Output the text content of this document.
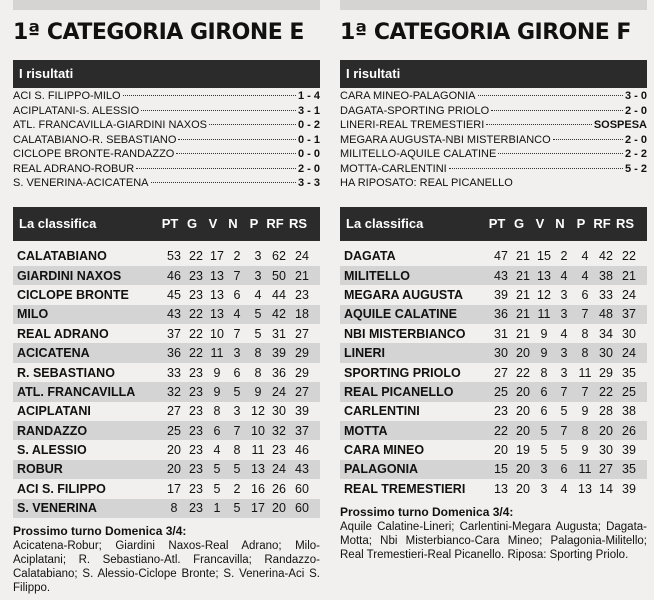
1ª CATEGORIA GIRONE E
I risultati
ACI S. FILIPPO-MILO	1 - 4
ACIPLATANI-S. ALESSIO	3 - 1
ATL. FRANCAVILLA-GIARDINI NAXOS	0 - 2
CALATABIANO-R. SEBASTIANO	0 - 1
CICLOPE BRONTE-RANDAZZO	0 - 0
REAL ADRANO-ROBUR	2 - 0
S. VENERINA-ACICATENA	3 - 3
La classifica	PT G V N P RF RS
CALATABIANO	53 22 17 2	3 62 24
GIARDINI NAXOS	46 23 13 7	3 50 21
CICLOPE BRONTE	45 23 13 6	4 44 23
MILO	43 22 13 4	5 42 18
REAL ADRANO	37 22 10 7	5 31 27
ACICATENA	36 22 11 3	8 39 29
R. SEBASTIANO	33 23 9	6	8 36 29
ATL. FRANCAVILLA	32 23 9	5	9 24 27
ACIPLATANI	27 23 8	3 12 30 39
RANDAZZO	25 23 6	7 10 32 37
S. ALESSIO	20 23 4	8 11 23 46
ROBUR	20 23 5	5 13 24 43
ACI S. FILIPPO	17 23 5	2 16 26 60
S. VENERINA	8 23 1	5 17 20 60
Prossimo turno Domenica 3/4:
Acicatena-Robur; Giardini Naxos-Real Adrano; Milo-Aciplatani; R. Sebastiano-Atl. Francavilla; Randazzo-Calatabiano; S. Alessio-Ciclope Bronte; S. Venerina-Aci S. Filippo.
1ª CATEGORIA GIRONE F
I risultati
CARA MINEO-PALAGONIA	3 - 0
DAGATA-SPORTING PRIOLO	2 - 0
LINERI-REAL TREMESTIERI	SOSPESA
MEGARA AUGUSTA-NBI MISTERBIANCO	2 - 0
MILITELLO-AQUILE CALATINE	2 - 2
MOTTA-CARLENTINI	5 - 2
HA RIPOSATO: REAL PICANELLO
La classifica	PT G V N P RF RS
DAGATA	47 21 15 2	4 42 22
MILITELLO	43 21 13 4	4 38 21
MEGARA AUGUSTA	39 21 12 3	6 33 24
AQUILE CALATINE	36 21 11 3	7 48 37
NBI MISTERBIANCO	31 21 9	4	8 34 30
LINERI	30 20 9	3	8 30 24
SPORTING PRIOLO	27 22 8	3 11 29 35
REAL PICANELLO	25 20 6	7	7 22 25
CARLENTINI	23 20 6	5	9 28 38
MOTTA	22 20 5	7	8 20 26
CARA MINEO	20 19 5	5	9 30 39
PALAGONIA	15 20 3	6 11 27 35
REAL TREMESTIERI	13 20 3	4 13 14 39
Prossimo turno Domenica 3/4:
Aquile Calatine-Lineri; Carlentini-Megara Augusta; Dagata-Motta; Nbi Misterbianco-Cara Mineo; Palagonia-Militello; Real Tremestieri-Real Picanello. Riposa: Sporting Priolo.
